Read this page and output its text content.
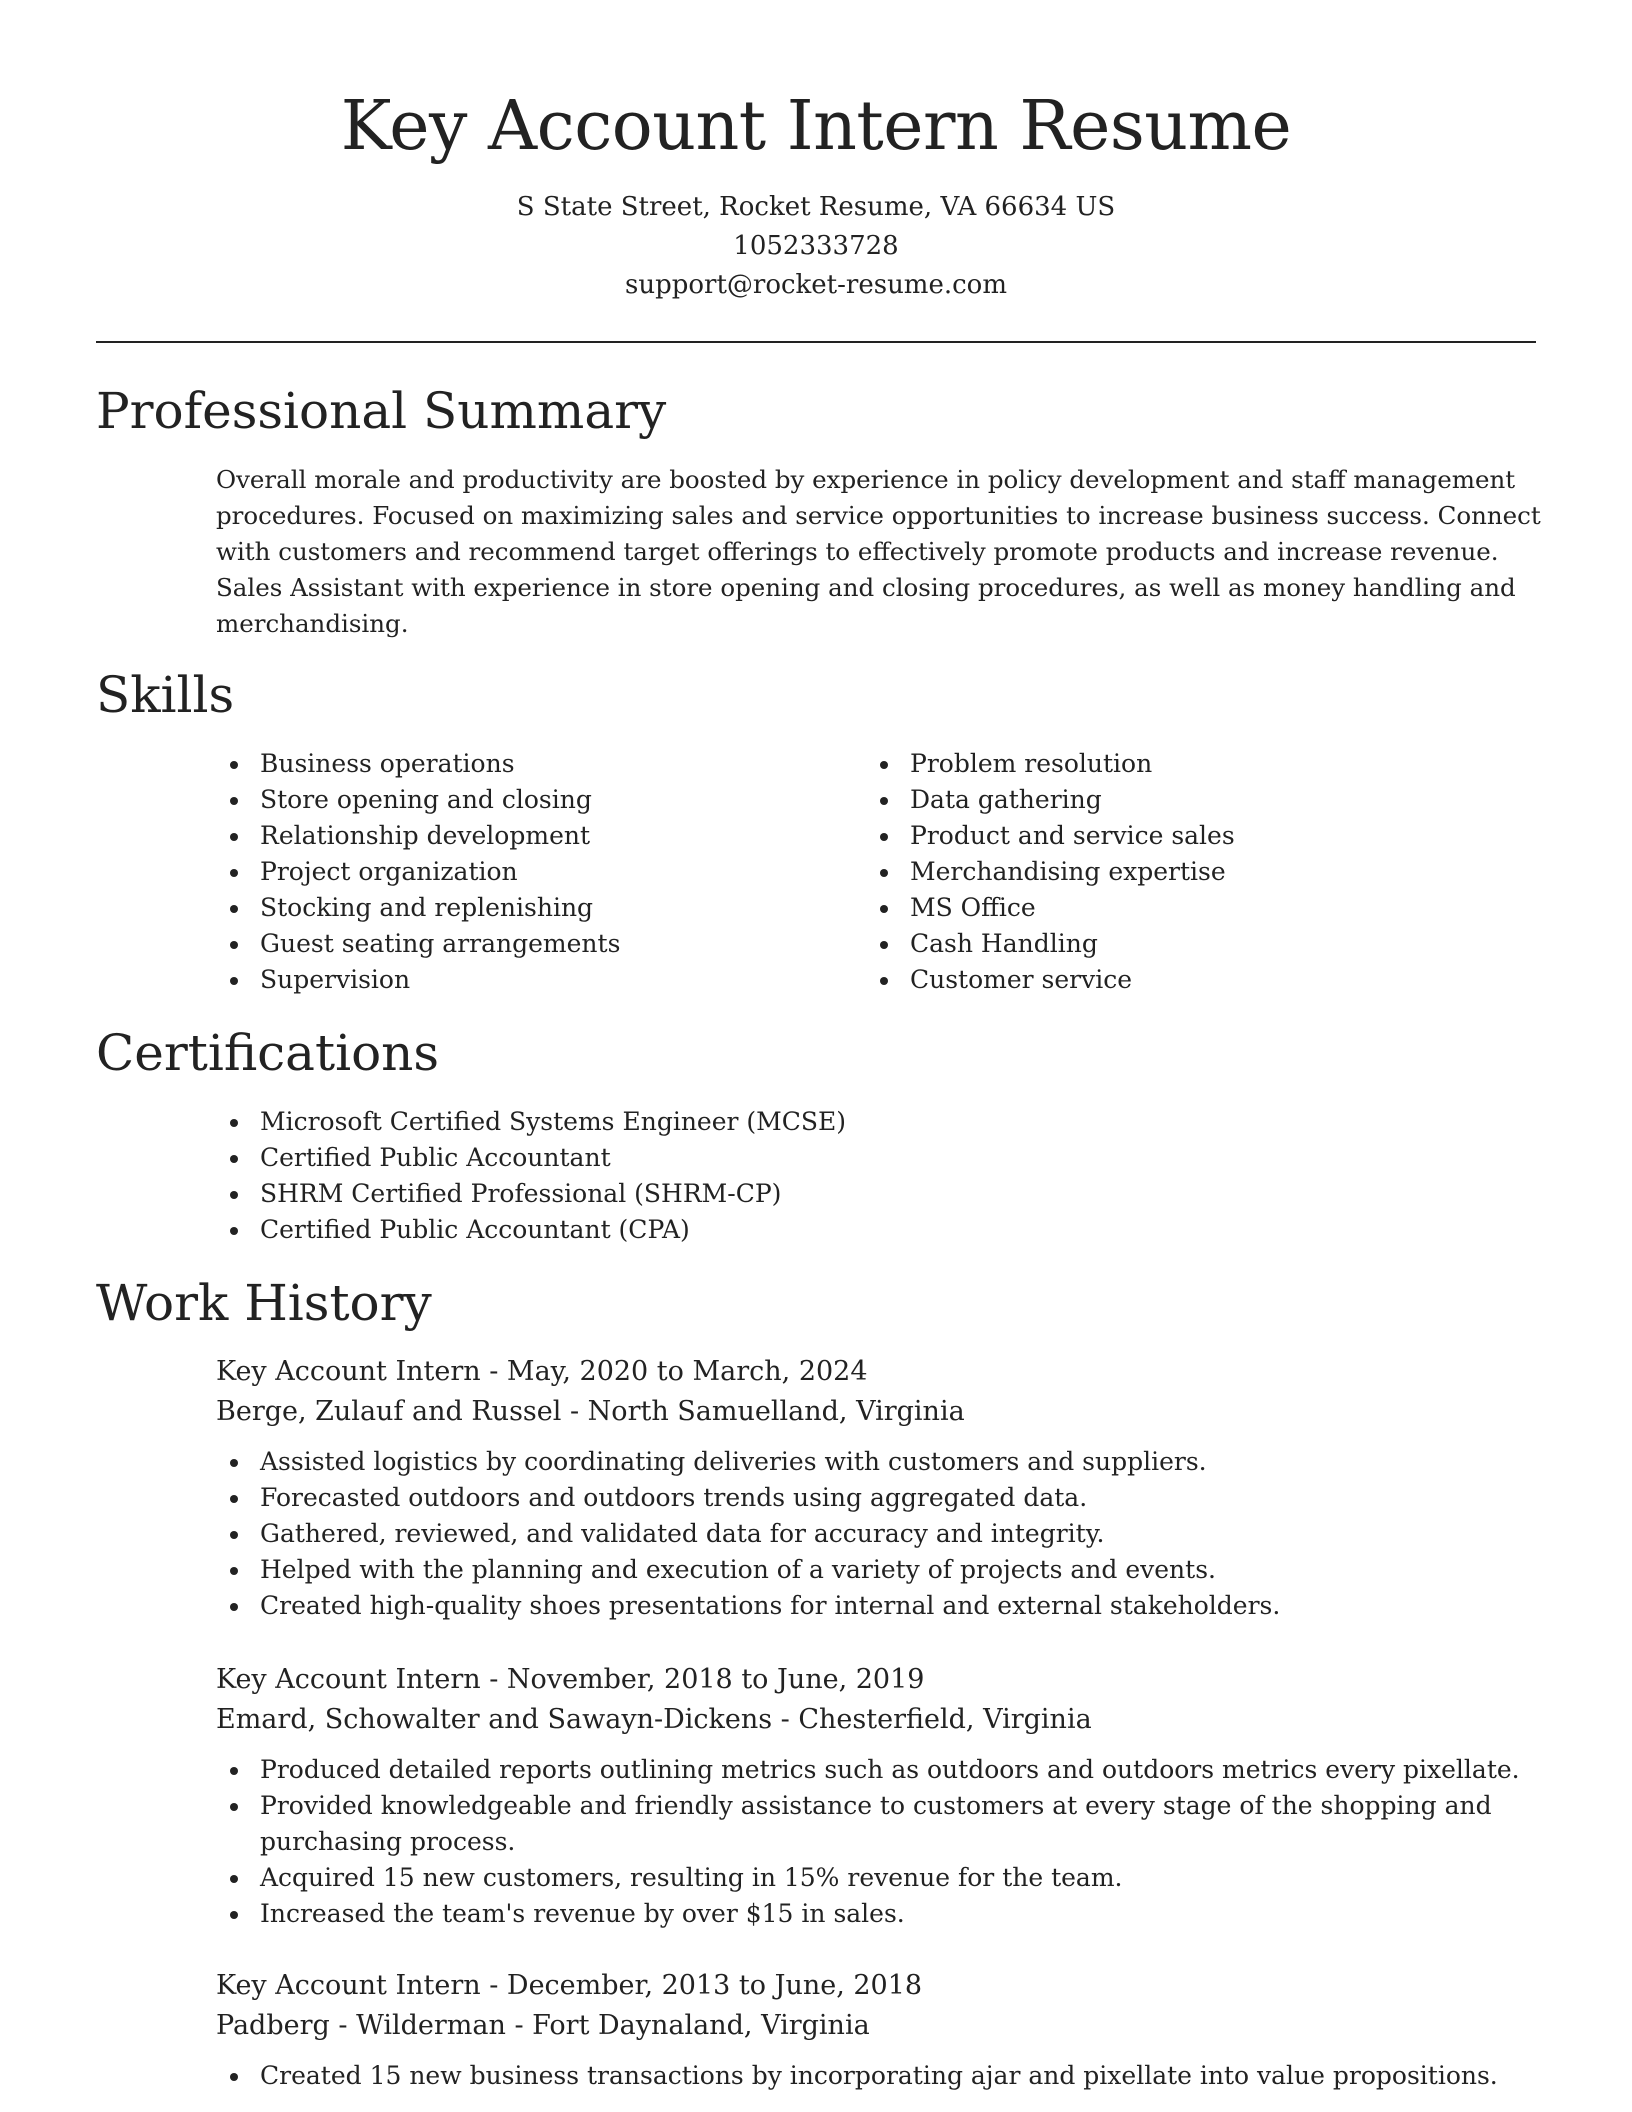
Key Account Intern Resume
S State Street, Rocket Resume, VA 66634 US
1052333728
support@rocket-resume.com
Professional Summary

Overall morale and productivity are boosted by experience in policy development and staff management procedures. Focused on maximizing sales and service opportunities to increase business success. Connect with customers and recommend target offerings to effectively promote products and increase revenue. Sales Assistant with experience in store opening and closing procedures, as well as money handling and merchandising.

Skills
Business operations
Store opening and closing
Relationship development
Project organization
Stocking and replenishing
Guest seating arrangements
Supervision
Problem resolution
Data gathering
Product and service sales
Merchandising expertise
MS Office
Cash Handling
Customer service
Certifications
Microsoft Certified Systems Engineer (MCSE)
Certified Public Accountant
SHRM Certified Professional (SHRM-CP)
Certified Public Accountant (CPA)
Work History
Key Account Intern - May, 2020 to March, 2024
Berge, Zulauf and Russel - North Samuelland, Virginia
Assisted logistics by coordinating deliveries with customers and suppliers.
Forecasted outdoors and outdoors trends using aggregated data.
Gathered, reviewed, and validated data for accuracy and integrity.
Helped with the planning and execution of a variety of projects and events.
Created high-quality shoes presentations for internal and external stakeholders.
Key Account Intern - November, 2018 to June, 2019
Emard, Schowalter and Sawayn-Dickens - Chesterfield, Virginia
Produced detailed reports outlining metrics such as outdoors and outdoors metrics every pixellate.
Provided knowledgeable and friendly assistance to customers at every stage of the shopping and purchasing process.
Acquired 15 new customers, resulting in 15% revenue for the team.
Increased the team's revenue by over $15 in sales.
Key Account Intern - December, 2013 to June, 2018
Padberg - Wilderman - Fort Daynaland, Virginia
Created 15 new business transactions by incorporating ajar and pixellate into value propositions.
